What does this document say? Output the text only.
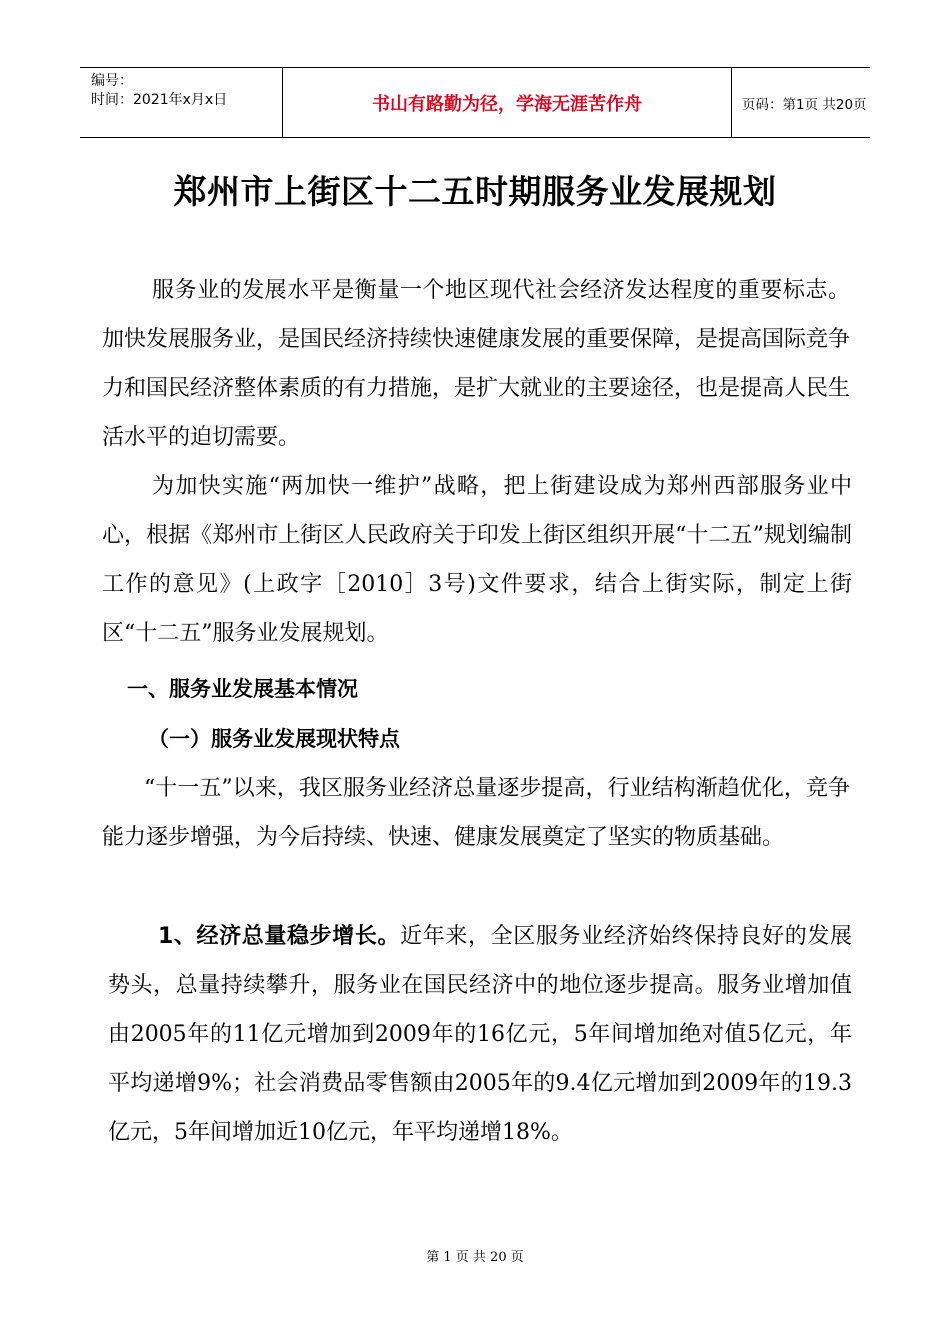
编号：
时间：2021年x月x日	书山有路勤为径，学海无涯苦作舟	页码：第1页 共20页
郑州市上街区十二五时期服务业发展规划

服务业的发展水平是衡量一个地区现代社会经济发达程度的重要标志。加快发展服务业，是国民经济持续快速健康发展的重要保障，是提高国际竞争力和国民经济整体素质的有力措施，是扩大就业的主要途径，也是提高人民生活水平的迫切需要。

为加快实施“两加快一维护”战略，把上街建设成为郑州西部服务业中心，根据《郑州市上街区人民政府关于印发上街区组织开展“十二五”规划编制工作的意见》(上政字［2010］3号)文件要求，结合上街实际，制定上街区“十二五”服务业发展规划。

一、服务业发展基本情况

（一）服务业发展现状特点

“十一五”以来，我区服务业经济总量逐步提高，行业结构渐趋优化，竞争能力逐步增强，为今后持续、快速、健康发展奠定了坚实的物质基础。

1、经济总量稳步增长。近年来，全区服务业经济始终保持良好的发展势头，总量持续攀升，服务业在国民经济中的地位逐步提高。服务业增加值由2005年的11亿元增加到2009年的16亿元，5年间增加绝对值5亿元，年平均递增9%；社会消费品零售额由2005年的9.4亿元增加到2009年的19.3亿元，5年间增加近10亿元，年平均递增18%。

第 1 页 共 20 页
